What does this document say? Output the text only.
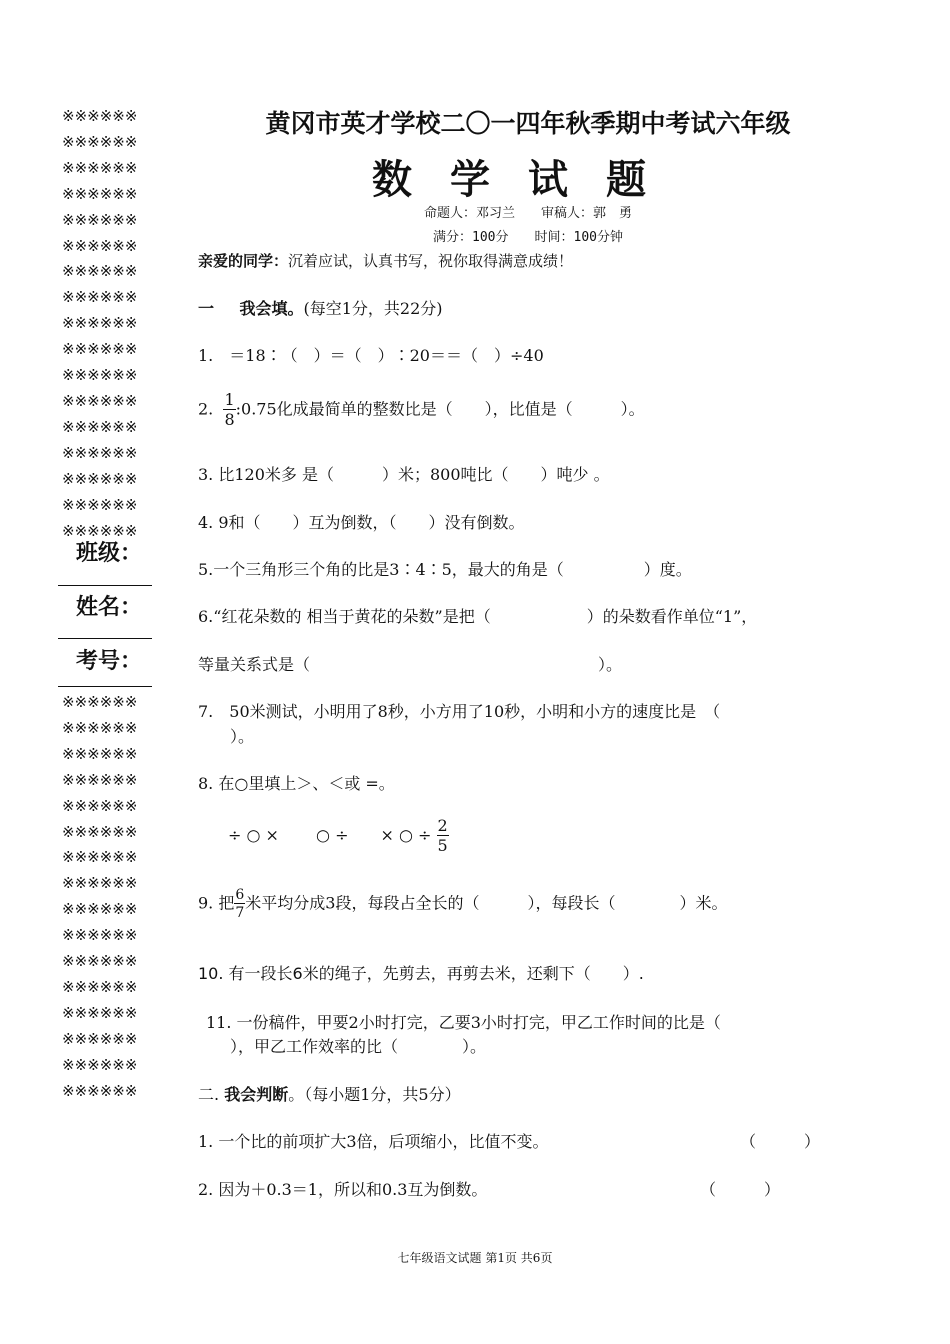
※※※※※※
※※※※※※
※※※※※※
※※※※※※
※※※※※※
※※※※※※
※※※※※※
※※※※※※
※※※※※※
※※※※※※
※※※※※※
※※※※※※
※※※※※※
※※※※※※
※※※※※※
※※※※※※
※※※※※※
班级：
姓名：
考号：
※※※※※※
※※※※※※
※※※※※※
※※※※※※
※※※※※※
※※※※※※
※※※※※※
※※※※※※
※※※※※※
※※※※※※
※※※※※※
※※※※※※
※※※※※※
※※※※※※
※※※※※※
※※※※※※
黄冈市英才学校二〇一四年秋季期中考试六年级
数学试题
命题人：邓习兰　　审稿人：郭　勇
满分：100分　　时间：100分钟
亲爱的同学：沉着应试，认真书写，祝你取得满意成绩！
一 我会填。(每空1分，共22分)
1.　＝18∶（　）＝（　）∶20＝＝（　）÷40
2. $\frac{1}{8}$ :0.75化成最简单的整数比是（　　），比值是（　　　）。
3. 比120米多 是（　　　）米；800吨比（　　）吨少 。
4. 9和（　　）互为倒数，（　　）没有倒数。
5.一个三角形三个角的比是3∶4∶5，最大的角是（　　　　　）度。
6.“红花朵数的 相当于黄花的朵数”是把（　　　　　　）的朵数看作单位“1”，
等量关系式是（　　　　　　　　　　　　　　　　　　）。
7.　50米测试，小明用了8秒，小方用了10秒，小明和小方的速度比是　（
　　）。
8. 在○里填上＞、＜或 =。
÷ ○ ×　　 ○ ÷　　× ○ ÷ $\frac{2}{5}$
9. 把 $\frac{6}{7}$ 米平均分成3段，每段占全长的（　　　），每段长（　　　　）米。
10. 有一段长6米的绳子，先剪去，再剪去米，还剩下（　　）.
11. 一份稿件，甲要2小时打完，乙要3小时打完，甲乙工作时间的比是（
　　），甲乙工作效率的比（　　　　）。
二. 我会判断。（每小题1分，共5分）
1. 一个比的前项扩大3倍，后项缩小，比值不变。	（　　　）
2. 因为＋0.3＝1，所以和0.3互为倒数。	（　　　）
七年级语文试题 第1页 共6页
